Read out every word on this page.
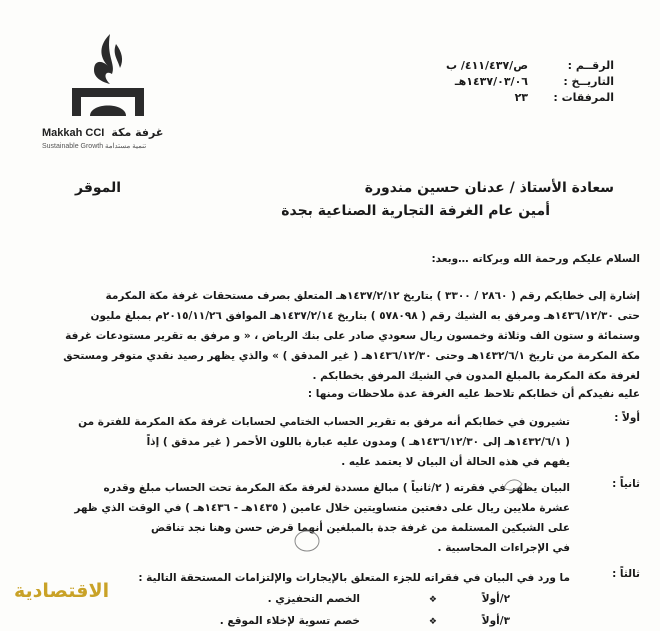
Makkah CCI غرفة مكة
Sustainable Growth تنمية مستدامة
الرقــم :
ص/٤١١/٤٣٧/ ب
التاريــخ :
١٤٣٧/٠٣/٠٦هـ
المرفقات :
٢٣
سعادة الأستاذ / عدنان حسين مندورة
أمين عام الغرفة التجارية الصناعية بجدة
الموقر
السلام عليكم ورحمة الله وبركاته …وبعد:
إشارة إلى خطابكم رقم ( ٢٨٦٠ / ٣٣٠٠ ) بتاريخ ١٤٣٧/٢/١٢هـ المتعلق بصرف مستحقات غرفة مكة المكرمة
حتى ١٤٣٦/١٢/٣٠هـ ومرفق به الشيك رقم ( ٥٧٨٠٩٨ ) بتاريخ ١٤٣٧/٢/١٤هـ الموافق ٢٠١٥/١١/٢٦م بمبلغ مليون
وستمائة و ستون الف وثلاثة وخمسون ريال سعودي صادر على بنك الرياض ، « و مرفق به تقرير مستودعات غرفة
مكة المكرمة من تاريخ ١٤٣٢/٦/١هـ وحتى ١٤٣٦/١٢/٣٠هـ ( غير المدقق ) » والذي يظهر رصيد نقدي متوفر ومستحق
لغرفة مكة المكرمة بالمبلغ المدون في الشيك المرفق بخطابكم .
عليه نفيدكم أن خطابكم تلاحظ عليه الغرفة عدة ملاحظات ومنها :
أولاً :
تشيرون في خطابكم أنه مرفق به تقرير الحساب الختامي لحسابات غرفة مكة المكرمة للفترة من
( ١٤٣٢/٦/١هـ إلى ١٤٣٦/١٢/٣٠هـ ) ومدون عليه عبارة باللون الأحمر ( غير مدقق ) إذاً
يفهم في هذه الحالة أن البيان لا يعتمد عليه .
ثانياً :
البيان يظهر في فقرته ( ٢/ثانياً ) مبالغ مسددة لغرفة مكة المكرمة تحت الحساب مبلغ وقدره
عشرة ملايين ريال على دفعتين متساويتين خلال عامين ( ١٤٣٥هـ - ١٤٣٦هـ ) في الوقت الذي ظهر
على الشيكين المستلمة من غرفة جدة بالمبلغين أنهما قرض حسن وهنا نجد تناقض
في الإجراءات المحاسبية .
ثالثاً :
ما ورد في البيان في فقراته للجزء المتعلق بالإيجارات والإلتزامات المستحقة التالية :
❖	٢/أولاً
الخصم التحفيزي .
❖	٣/أولاً
خصم تسوية لإخلاء الموقع .
الاقتصادية
